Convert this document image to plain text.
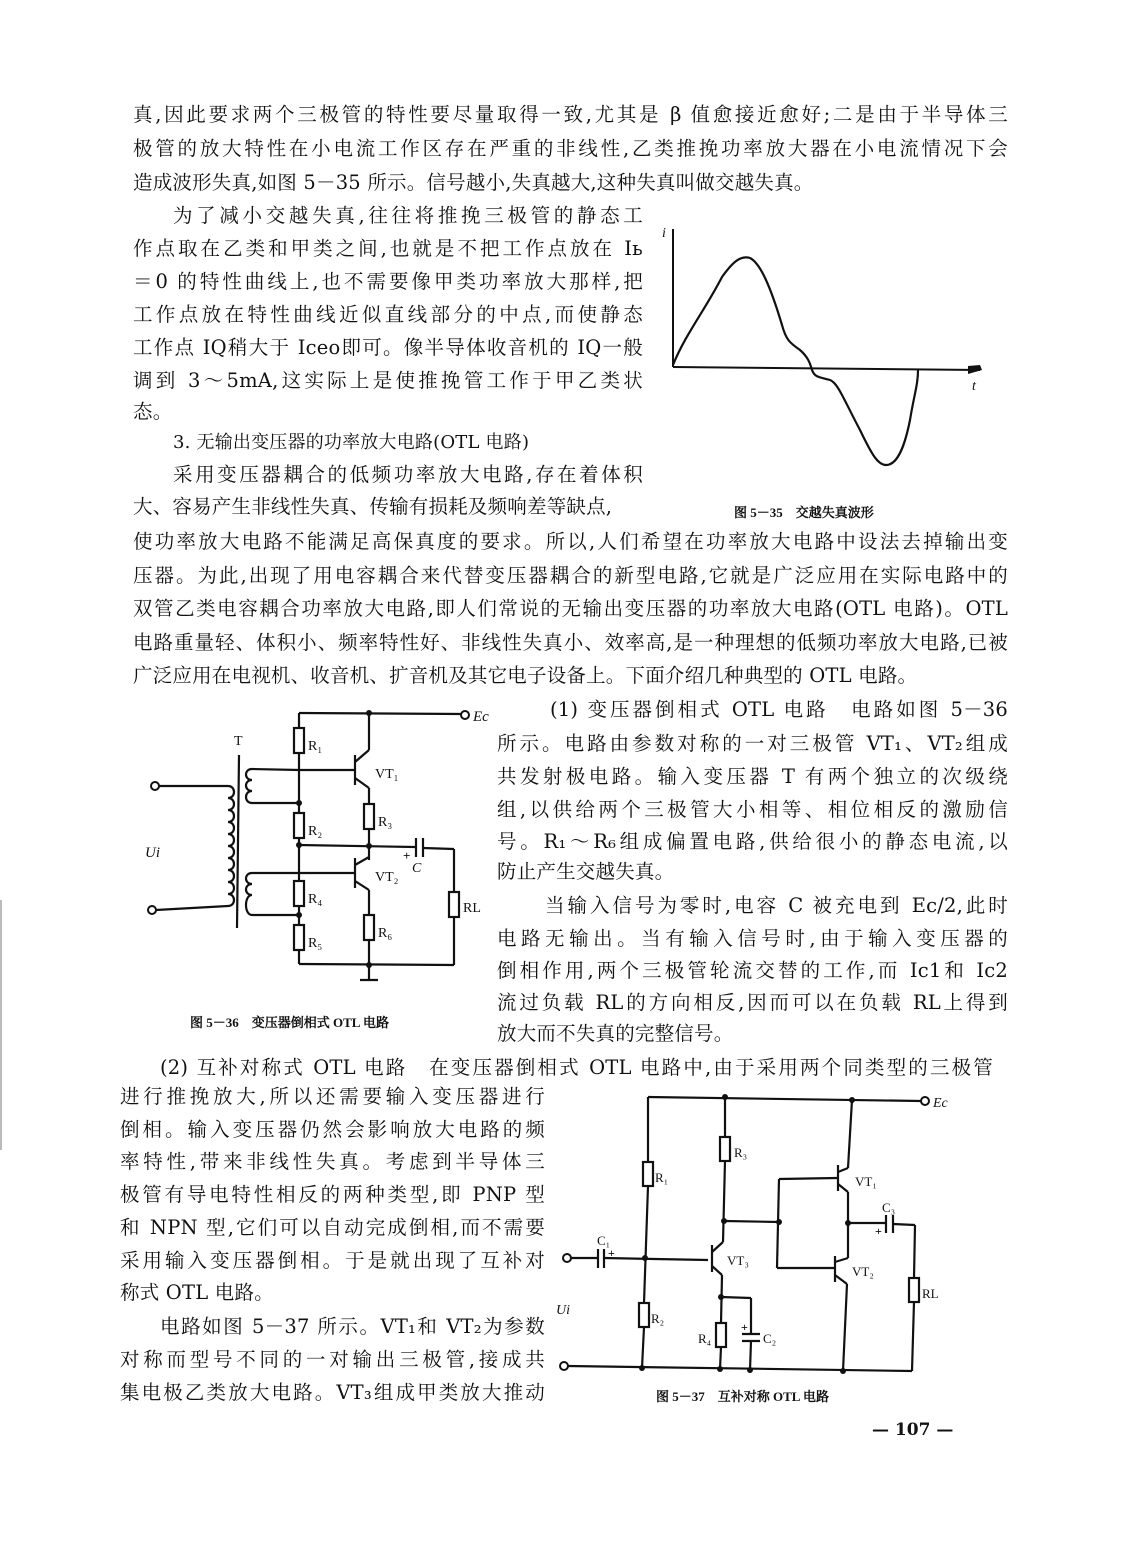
真,因此要求两个三极管的特性要尽量取得一致,尤其是 β 值愈接近愈好;二是由于半导体三
极管的放大特性在小电流工作区存在严重的非线性,乙类推挽功率放大器在小电流情况下会
造成波形失真,如图 5－35 所示。信号越小,失真越大,这种失真叫做交越失真。
为了减小交越失真,往往将推挽三极管的静态工
作点取在乙类和甲类之间,也就是不把工作点放在 Iь
＝0 的特性曲线上,也不需要像甲类功率放大那样,把
工作点放在特性曲线近似直线部分的中点,而使静态
工作点 IQ稍大于 Iceo即可。像半导体收音机的 IQ一般
调到 3～5mA,这实际上是使推挽管工作于甲乙类状
态。
3. 无输出变压器的功率放大电路(OTL 电路)
采用变压器耦合的低频功率放大电路,存在着体积
大、容易产生非线性失真、传输有损耗及频响差等缺点,
使功率放大电路不能满足高保真度的要求。所以,人们希望在功率放大电路中设法去掉输出变
压器。为此,出现了用电容耦合来代替变压器耦合的新型电路,它就是广泛应用在实际电路中的
双管乙类电容耦合功率放大电路,即人们常说的无输出变压器的功率放大电路(OTL 电路)。OTL
电路重量轻、体积小、频率特性好、非线性失真小、效率高,是一种理想的低频功率放大电路,已被
广泛应用在电视机、收音机、扩音机及其它电子设备上。下面介绍几种典型的 OTL 电路。
i
t
图 5－35　交越失真波形
Ec
R₁
R₂
R₄
R₅
T
Ui
VT₁
R₃
+
C
RL
VT₂
R₆
图 5－36　变压器倒相式 OTL 电路
(1) 变压器倒相式 OTL 电路　电路如图 5－36
所示。电路由参数对称的一对三极管 VT₁、VT₂组成
共发射极电路。输入变压器 T 有两个独立的次级绕
组,以供给两个三极管大小相等、相位相反的激励信
号。R₁～R₆组成偏置电路,供给很小的静态电流,以
防止产生交越失真。
当输入信号为零时,电容 C 被充电到 Ec/2,此时
电路无输出。当有输入信号时,由于输入变压器的
倒相作用,两个三极管轮流交替的工作,而 Ic1和 Ic2
流过负载 RL的方向相反,因而可以在负载 RL上得到
放大而不失真的完整信号。
(2) 互补对称式 OTL 电路　在变压器倒相式 OTL 电路中,由于采用两个同类型的三极管
进行推挽放大,所以还需要输入变压器进行
倒相。输入变压器仍然会影响放大电路的频
率特性,带来非线性失真。考虑到半导体三
极管有导电特性相反的两种类型,即 PNP 型
和 NPN 型,它们可以自动完成倒相,而不需要
采用输入变压器倒相。于是就出现了互补对
称式 OTL 电路。
电路如图 5－37 所示。VT₁和 VT₂为参数
对称而型号不同的一对输出三极管,接成共
集电极乙类放大电路。VT₃组成甲类放大推动
Ec
R₁
R₂
Ui
C₁
+	VT₃
R₃
+
C₂
R₄
VT₁
VT₂
C₃
+
RL
图 5－37　互补对称 OTL 电路
— 107 —
